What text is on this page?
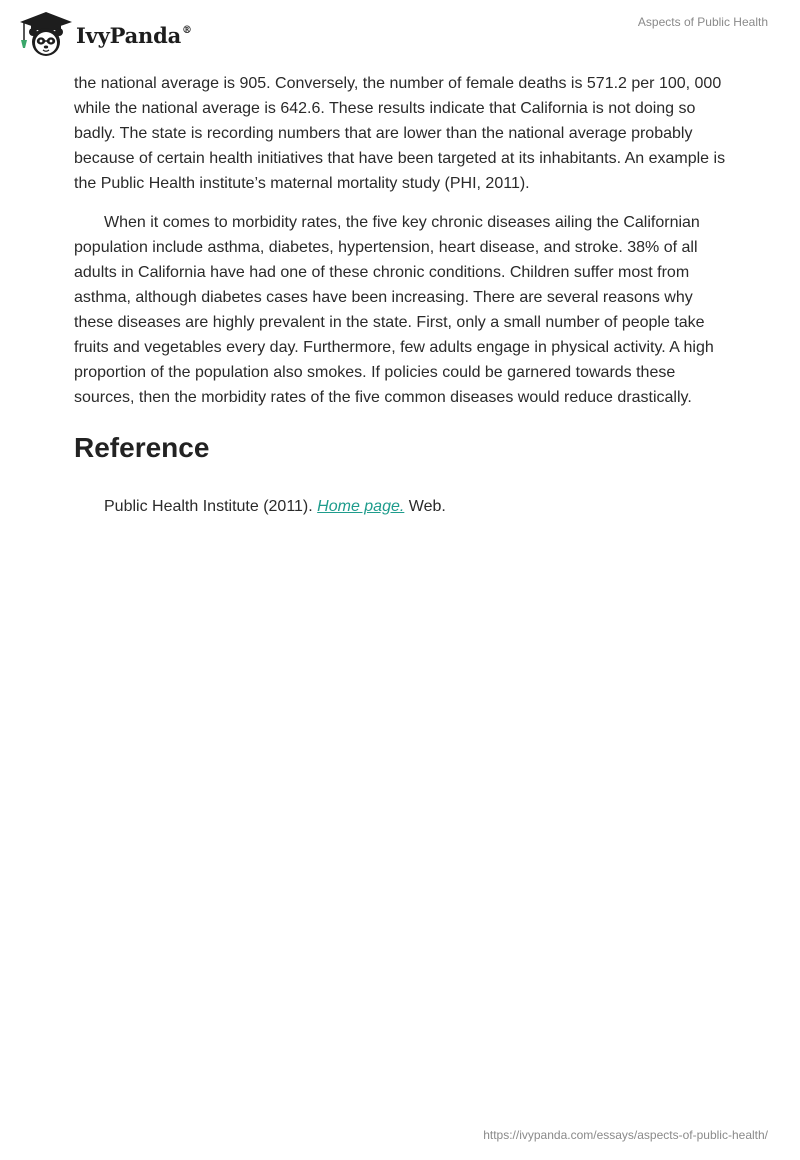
IvyPanda®
Aspects of Public Health

the national average is 905. Conversely, the number of female deaths is 571.2 per 100, 000 while the national average is 642.6. These results indicate that California is not doing so badly. The state is recording numbers that are lower than the national average probably because of certain health initiatives that have been targeted at its inhabitants. An example is the Public Health institute’s maternal mortality study (PHI, 2011).

When it comes to morbidity rates, the five key chronic diseases ailing the Californian population include asthma, diabetes, hypertension, heart disease, and stroke. 38% of all adults in California have had one of these chronic conditions. Children suffer most from asthma, although diabetes cases have been increasing. There are several reasons why these diseases are highly prevalent in the state. First, only a small number of people take fruits and vegetables every day. Furthermore, few adults engage in physical activity. A high proportion of the population also smokes. If policies could be garnered towards these sources, then the morbidity rates of the five common diseases would reduce drastically.

Reference
Public Health Institute (2011). Home page. Web.
https://ivypanda.com/essays/aspects-of-public-health/
